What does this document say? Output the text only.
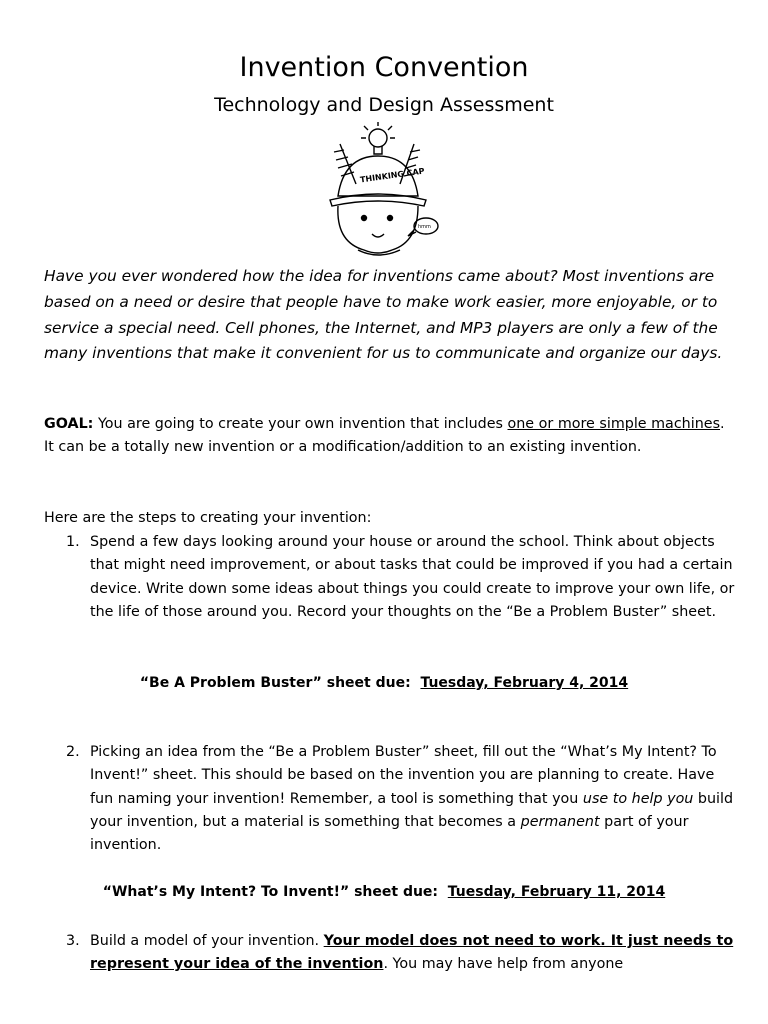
Invention Convention
Technology and Design Assessment
THINKING CAP
hmm

Have you ever wondered how the idea for inventions came about? Most inventions are based on a need or desire that people have to make work easier, more enjoyable, or to service a special need. Cell phones, the Internet, and MP3 players are only a few of the many inventions that make it convenient for us to communicate and organize our days.

GOAL: You are going to create your own invention that includes one or more simple machines. It can be a totally new invention or a modification/addition to an existing invention.

Here are the steps to creating your invention:

1. Spend a few days looking around your house or around the school. Think about objects that might need improvement, or about tasks that could be improved if you had a certain device. Write down some ideas about things you could create to improve your own life, or the life of those around you. Record your thoughts on the “Be a Problem Buster” sheet.

“Be A Problem Buster” sheet due: Tuesday, February 4, 2014

2. Picking an idea from the “Be a Problem Buster” sheet, fill out the “What’s My Intent? To Invent!” sheet. This should be based on the invention you are planning to create. Have fun naming your invention! Remember, a tool is something that you use to help you build your invention, but a material is something that becomes a permanent part of your invention.

“What’s My Intent? To Invent!” sheet due: Tuesday, February 11, 2014

3. Build a model of your invention. Your model does not need to work. It just needs to represent your idea of the invention. You may have help from anyone
